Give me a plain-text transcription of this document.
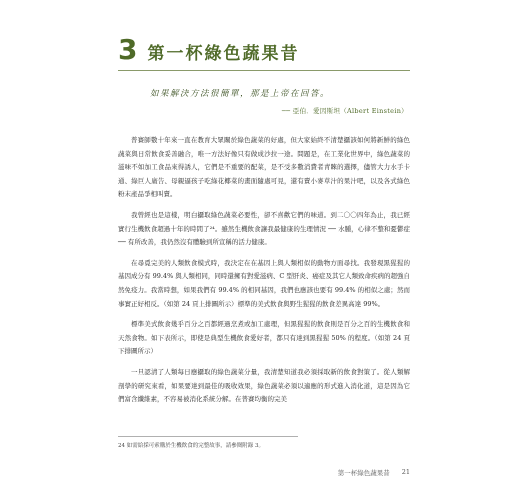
3 第一杯綠色蔬果昔
如果解決方法很簡單，那是上帝在回答。
── 亞伯．愛因斯坦（Albert Einstein）

普賽師數十年來一直在教育大眾關於綠色蔬菜的好處，但大家始終不清楚攝該如何將新鮮的綠色蔬菜與日常飲食妥善融合，唯一方法好像只有做成沙拉一途。問題是，在工業化世界中，綠色蔬菜的滋味不如加工食品來得誘人，它們是不重要的配菜，是不受多數消費者青睞的選擇，儘管大力水手卡通、綠巨人廣告、母親逼孩子吃綠花椰菜的畫面隨處可見，還有賣小麥草汁的果汁吧，以及各式綠色粉末產品爭相叫賣。

我曾經也是這樣，明白攝取綠色蔬菜必要性，卻不喜歡它們的味道。到二〇〇四年為止，我已經實行生機飲食超過十年的時間了²⁴。雖然生機飲食讓我最健康的生理情況 ── 水腫，心律不整和憂鬱症 ── 有所改善，我仍然沒有體驗到所宣稱的活力健康。

在尋覓完美的人類飲食模式時，我決定在在基因上與人類相似的動物方面尋找。我發現黑猩猩的基因成分有 99.4% 與人類相同，同時還擁有對愛滋病、C 型肝炎、癌症及其它人類致命疾病的超強自然免疫力。我當時想，如果我們有 99.4% 的相同基因，我們也應該也要有 99.4% 的相似之處；然而事實正好相反。（如第 24 頁上排圖所示）標準的美式飲食與野生猩猩的飲食差異高達 99%。

標準美式飲食幾乎百分之百都經過烹煮或加工處理，但黑猩猩的飲食則是百分之百的生機飲食和天然食物。如下表所示，即使是典型生機飲食愛好者，都只有達到黑猩猩 50% 的程度。（如第 24 頁下排圖所示）

一旦認清了人類每日應攝取的綠色蔬菜分量，我清楚知道我必須採取新的飲食對策了。從人類解剖學的研究來看，如果要達到最佳的吸收效果，綠色蔬菜必須以適應的形式進入消化道，這是因為它們富含纖維素，不容易被消化系統分解。在普賽均衡的完美

24 如需給採可索購於生機飲食的完整故事，請參閱附錄 3。
第一杯綠色蔬果昔 21
